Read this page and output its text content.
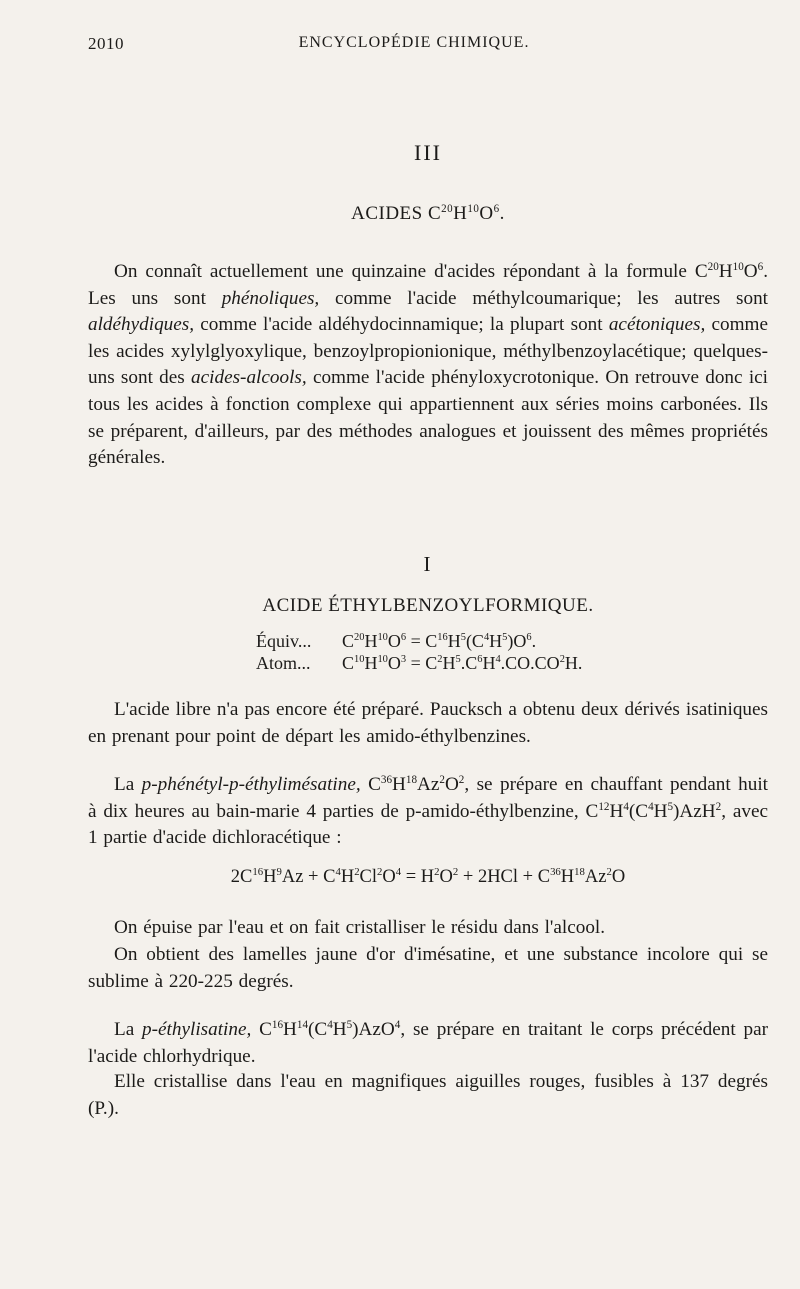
2010	ENCYCLOPÉDIE CHIMIQUE.
III
ACIDES $C^{20}H^{10}O^6$.

On connaît actuellement une quinzaine d'acides répondant à la formule $C^{20}H^{10}O^6$. Les uns sont phénoliques, comme l'acide méthylcoumarique; les autres sont aldéhydiques, comme l'acide aldéhydocinnamique; la plupart sont acétoniques, comme les acides xylylglyoxylique, benzoylpropionionique, méthylbenzoylacétique; quelques-uns sont des acides-alcools, comme l'acide phényloxycrotonique. On retrouve donc ici tous les acides à fonction complexe qui appartiennent aux séries moins carbonées. Ils se préparent, d'ailleurs, par des méthodes analogues et jouissent des mêmes propriétés générales.

I
ACIDE ÉTHYLBENZOYLFORMIQUE.
Équiv...	$C^{20}H^{10}O^6 = C^{16}H^5(C^4H^5)O^6$.
Atom...	$C^{10}H^{10}O^3 = C^2H^5.C^6H^4.CO.CO^2H$.

L'acide libre n'a pas encore été préparé. Paucksch a obtenu deux dérivés isatiniques en prenant pour point de départ les amido-éthylbenzines.

La p-phénétyl-p-éthylimésatine, $C^{36}H^{18}Az^2O^2$, se prépare en chauffant pendant huit à dix heures au bain-marie 4 parties de p-amido-éthylbenzine, $C^{12}H^4(C^4H^5)AzH^2$, avec 1 partie d'acide dichloracétique :

$2C^{16}H^9Az + C^4H^2Cl^2O^4 = H^2O^2 + 2HCl + C^{36}H^{18}Az^2O$

On épuise par l'eau et on fait cristalliser le résidu dans l'alcool.

On obtient des lamelles jaune d'or d'imésatine, et une substance incolore qui se sublime à 220-225 degrés.

La p-éthylisatine, $C^{16}H^{14}(C^4H^5)AzO^4$, se prépare en traitant le corps précédent par l'acide chlorhydrique.

Elle cristallise dans l'eau en magnifiques aiguilles rouges, fusibles à 137 degrés (P.).
